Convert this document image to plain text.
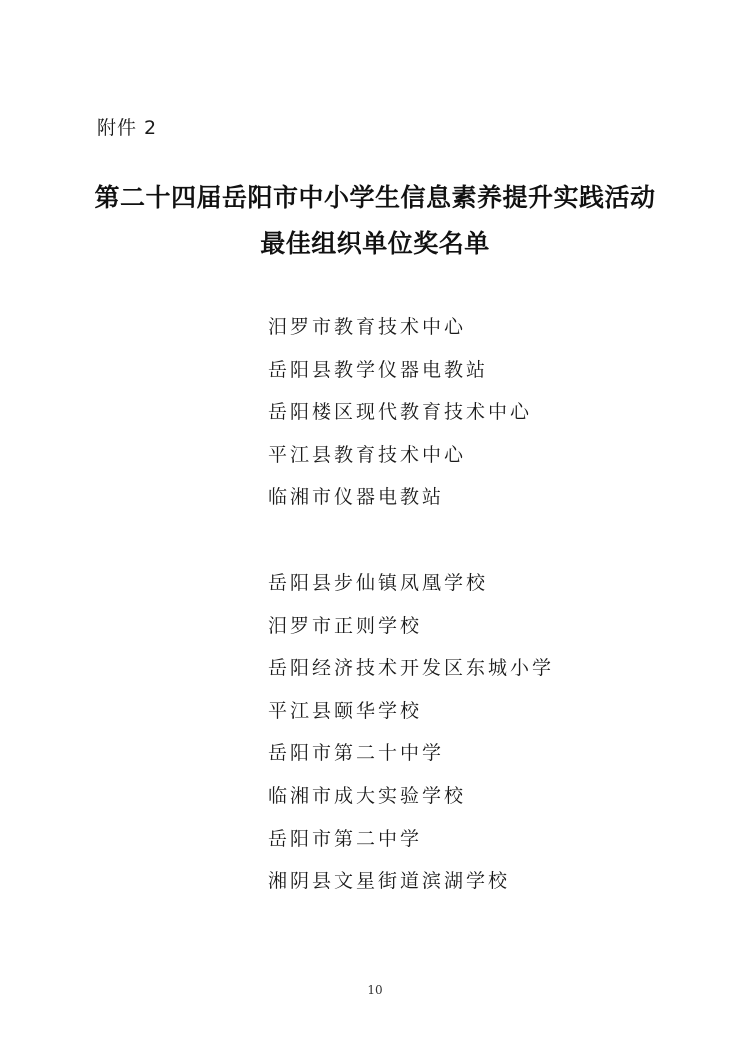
附件 2
第二十四届岳阳市中小学生信息素养提升实践活动
最佳组织单位奖名单
汨罗市教育技术中心
岳阳县教学仪器电教站
岳阳楼区现代教育技术中心
平江县教育技术中心
临湘市仪器电教站
岳阳县步仙镇凤凰学校
汨罗市正则学校
岳阳经济技术开发区东城小学
平江县颐华学校
岳阳市第二十中学
临湘市成大实验学校
岳阳市第二中学
湘阴县文星街道滨湖学校
10
